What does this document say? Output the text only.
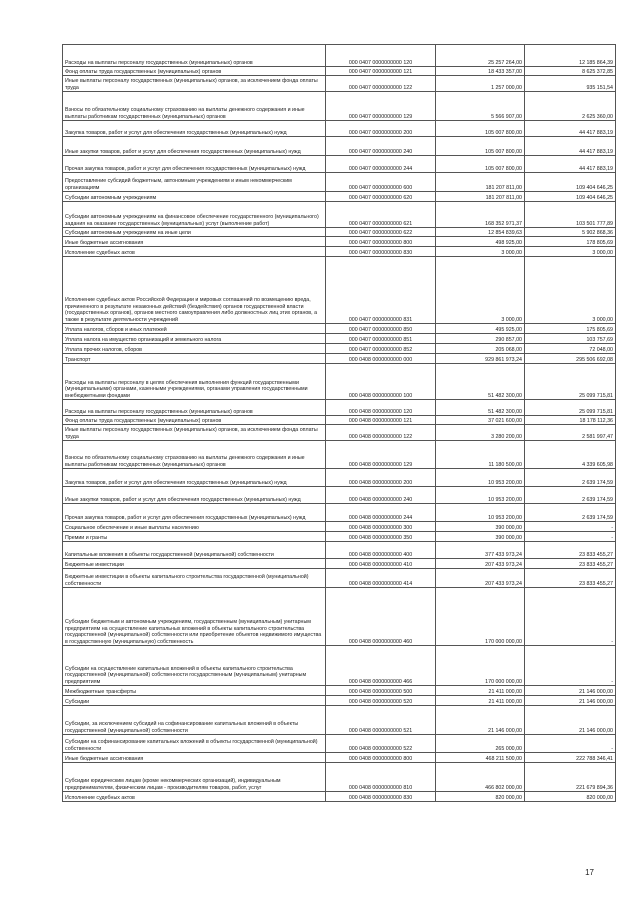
Расходы на выплаты персоналу государственных (муниципальных) органов	000 0407 0000000000 120	25 257 264,00	12 185 864,39
Фонд оплаты труда государственных (муниципальных) органов	000 0407 0000000000 121	18 433 357,00	8 625 372,85
Иные выплаты персоналу государственных (муниципальных) органов, за исключением фонда оплаты труда	000 0407 0000000000 122	1 257 000,00	935 151,54
Взносы по обязательному социальному страхованию на выплаты денежного содержания и иные выплаты работникам государственных (муниципальных) органов	000 0407 0000000000 129	5 566 907,00	2 625 360,00
Закупка товаров, работ и услуг для обеспечения государственных (муниципальных) нужд	000 0407 0000000000 200	105 007 800,00	44 417 883,19
Иные закупки товаров, работ и услуг для обеспечения государственных (муниципальных) нужд	000 0407 0000000000 240	105 007 800,00	44 417 883,19
Прочая закупка товаров, работ и услуг для обеспечения государственных (муниципальных) нужд	000 0407 0000000000 244	105 007 800,00	44 417 883,19
Предоставление субсидий бюджетным, автономным учреждениям и иным некоммерческим организациям	000 0407 0000000000 600	181 207 811,00	109 404 646,25
Субсидии автономным учреждениям	000 0407 0000000000 620	181 207 811,00	109 404 646,25
Субсидии автономным учреждениям на финансовое обеспечение государственного (муниципального) задания на оказание государственных (муниципальных) услуг (выполнение работ)	000 0407 0000000000 621	168 352 971,37	103 501 777,89
Субсидии автономным учреждениям на иные цели	000 0407 0000000000 622	12 854 839,63	5 902 868,36
Иные бюджетные ассигнования	000 0407 0000000000 800	498 925,00	178 805,69
Исполнение судебных актов	000 0407 0000000000 830	3 000,00	3 000,00
Исполнение судебных актов Российской Федерации и мировых соглашений по возмещению вреда, причиненного в результате незаконных действий (бездействия) органов государственной власти (государственных органов), органов местного самоуправления либо должностных лиц этих органов, а также в результате деятельности учреждений	000 0407 0000000000 831	3 000,00	3 000,00
Уплата налогов, сборов и иных платежей	000 0407 0000000000 850	495 925,00	175 805,69
Уплата налога на имущество организаций и земельного налога	000 0407 0000000000 851	290 857,00	103 757,69
Уплата прочих налогов, сборов	000 0407 0000000000 852	205 068,00	72 048,00
Транспорт	000 0408 0000000000 000	929 861 973,24	295 506 692,08
Расходы на выплаты персоналу в целях обеспечения выполнения функций государственными (муниципальными) органами, казенными учреждениями, органами управления государственными внебюджетными фондами	000 0408 0000000000 100	51 482 300,00	25 099 715,81
Расходы на выплаты персоналу государственных (муниципальных) органов	000 0408 0000000000 120	51 482 300,00	25 099 715,81
Фонд оплаты труда государственных (муниципальных) органов	000 0408 0000000000 121	37 021 600,00	18 178 112,36
Иные выплаты персоналу государственных (муниципальных) органов, за исключением фонда оплаты труда	000 0408 0000000000 122	3 280 200,00	2 581 997,47
Взносы по обязательному социальному страхованию на выплаты денежного содержания и иные выплаты работникам государственных (муниципальных) органов	000 0408 0000000000 129	11 180 500,00	4 339 605,98
Закупка товаров, работ и услуг для обеспечения государственных (муниципальных) нужд	000 0408 0000000000 200	10 953 200,00	2 639 174,59
Иные закупки товаров, работ и услуг для обеспечения государственных (муниципальных) нужд	000 0408 0000000000 240	10 953 200,00	2 639 174,59
Прочая закупка товаров, работ и услуг для обеспечения государственных (муниципальных) нужд	000 0408 0000000000 244	10 953 200,00	2 639 174,59
Социальное обеспечение и иные выплаты населению	000 0408 0000000000 300	390 000,00	-
Премии и гранты	000 0408 0000000000 350	390 000,00	-
Капитальные вложения в объекты государственной (муниципальной) собственности	000 0408 0000000000 400	377 433 973,24	23 833 455,27
Бюджетные инвестиции	000 0408 0000000000 410	207 433 973,24	23 833 455,27
Бюджетные инвестиции в объекты капитального строительства государственной (муниципальной) собственности	000 0408 0000000000 414	207 433 973,24	23 833 455,27
Субсидии бюджетным и автономным учреждениям, государственным (муниципальным) унитарным предприятиям на осуществление капитальных вложений в объекты капитального строительства государственной (муниципальной) собственности или приобретение объектов недвижимого имущества в государственную (муниципальную) собственность	000 0408 0000000000 460	170 000 000,00	-
Субсидии на осуществление капитальных вложений в объекты капитального строительства государственной (муниципальной) собственности государственным (муниципальным) унитарным предприятиям	000 0408 0000000000 466	170 000 000,00	-
Межбюджетные трансферты	000 0408 0000000000 500	21 411 000,00	21 146 000,00
Субсидии	000 0408 0000000000 520	21 411 000,00	21 146 000,00
Субсидии, за исключением субсидий на софинансирование капитальных вложений в объекты государственной (муниципальной) собственности	000 0408 0000000000 521	21 146 000,00	21 146 000,00
Субсидии на софинансирование капитальных вложений в объекты государственной (муниципальной) собственности	000 0408 0000000000 522	265 000,00	-
Иные бюджетные ассигнования	000 0408 0000000000 800	468 211 500,00	222 788 346,41
Субсидии юридическим лицам (кроме некоммерческих организаций), индивидуальным предпринимателям, физическим лицам - производителям товаров, работ, услуг	000 0408 0000000000 810	466 802 000,00	221 679 894,36
Исполнение судебных актов	000 0408 0000000000 830	820 000,00	820 000,00
17
